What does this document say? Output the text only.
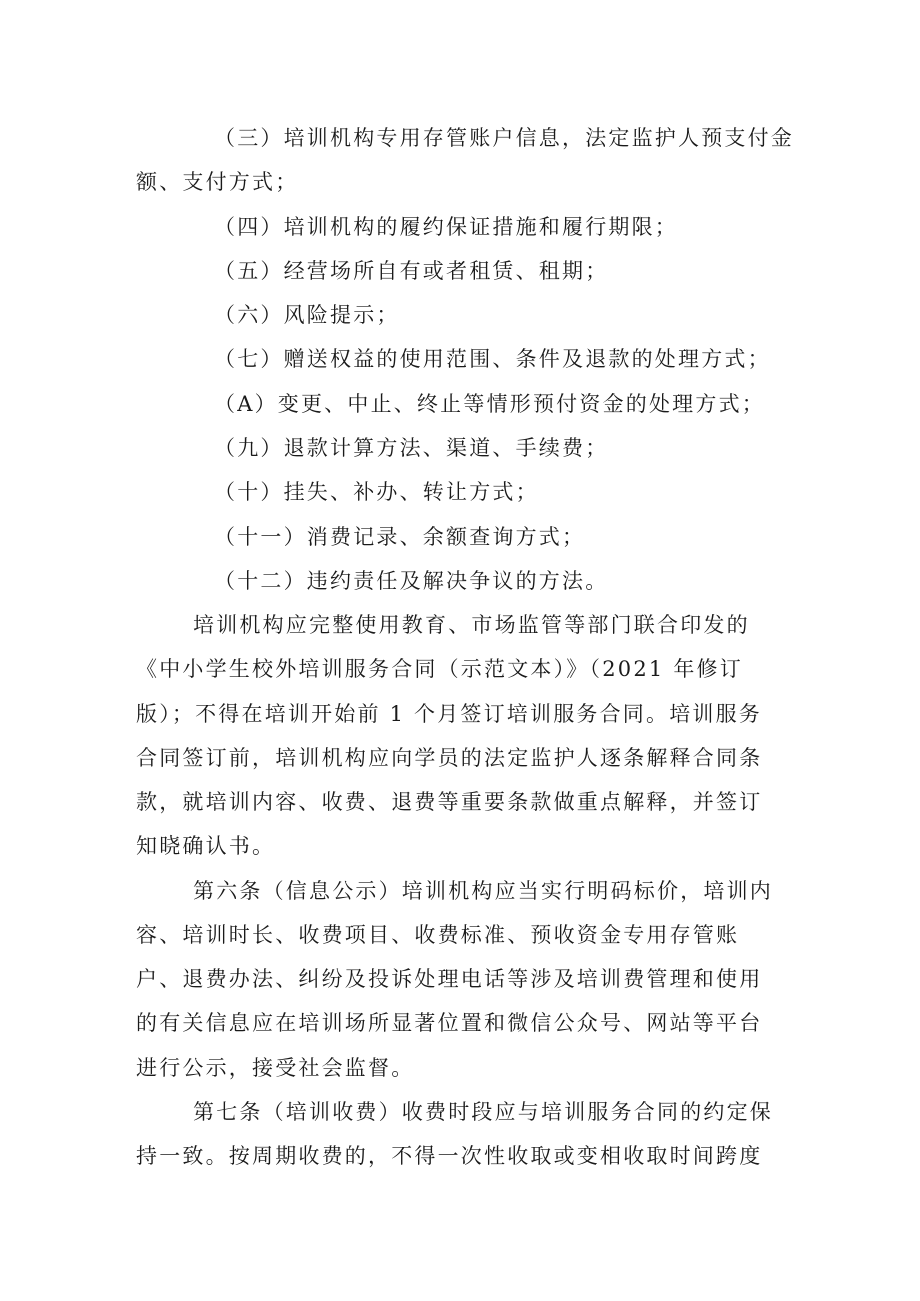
（三）培训机构专用存管账户信息，法定监护人预支付金
额、支付方式；
（四）培训机构的履约保证措施和履行期限；
（五）经营场所自有或者租赁、租期；
（六）风险提示；
（七）赠送权益的使用范围、条件及退款的处理方式；
（A）变更、中止、终止等情形预付资金的处理方式；
（九）退款计算方法、渠道、手续费；
（十）挂失、补办、转让方式；
（十一）消费记录、余额查询方式；
（十二）违约责任及解决争议的方法。
培训机构应完整使用教育、市场监管等部门联合印发的
《中小学生校外培训服务合同（示范文本）》（2021 年修订
版）；不得在培训开始前 1 个月签订培训服务合同。培训服务
合同签订前，培训机构应向学员的法定监护人逐条解释合同条
款，就培训内容、收费、退费等重要条款做重点解释，并签订
知晓确认书。
第六条（信息公示）培训机构应当实行明码标价，培训内
容、培训时长、收费项目、收费标准、预收资金专用存管账
户、退费办法、纠纷及投诉处理电话等涉及培训费管理和使用
的有关信息应在培训场所显著位置和微信公众号、网站等平台
进行公示，接受社会监督。
第七条（培训收费）收费时段应与培训服务合同的约定保
持一致。按周期收费的，不得一次性收取或变相收取时间跨度
